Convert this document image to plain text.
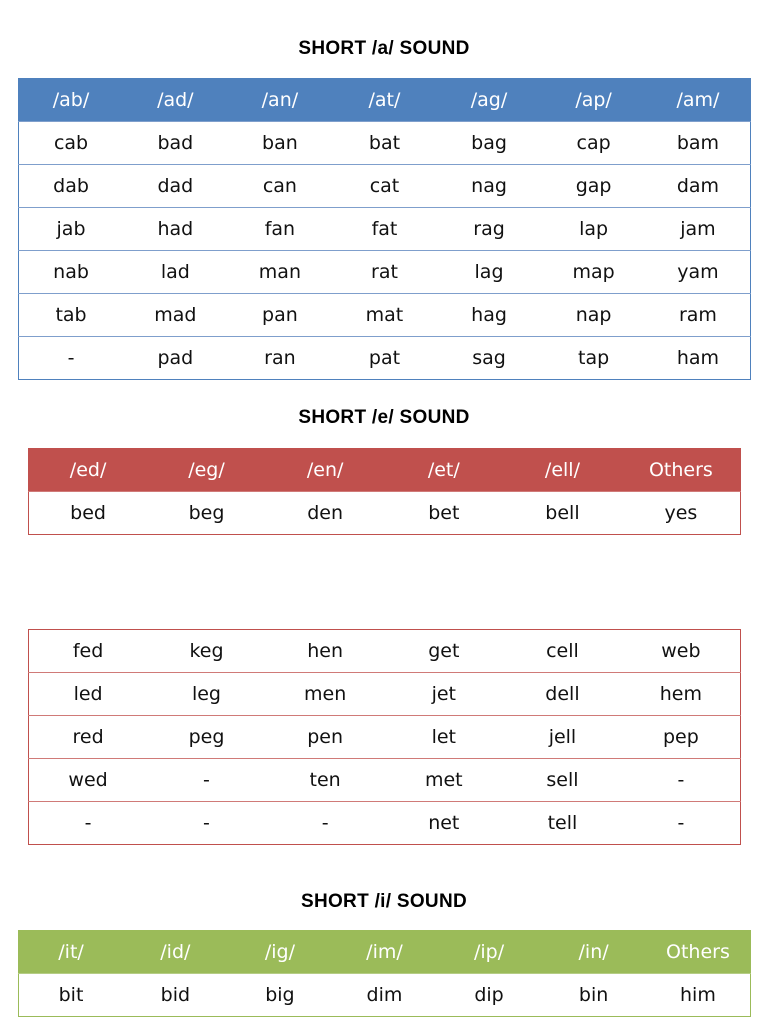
SHORT /a/ SOUND
/ab/	/ad/	/an/	/at/	/ag/	/ap/	/am/
cab	bad	ban	bat	bag	cap	bam
dab	dad	can	cat	nag	gap	dam
jab	had	fan	fat	rag	lap	jam
nab	lad	man	rat	lag	map	yam
tab	mad	pan	mat	hag	nap	ram
-	pad	ran	pat	sag	tap	ham
SHORT /e/ SOUND
/ed/	/eg/	/en/	/et/	/ell/	Others
bed	beg	den	bet	bell	yes
fed	keg	hen	get	cell	web
led	leg	men	jet	dell	hem
red	peg	pen	let	jell	pep
wed	-	ten	met	sell	-
-	-	-	net	tell	-
SHORT /i/ SOUND
/it/	/id/	/ig/	/im/	/ip/	/in/	Others
bit	bid	big	dim	dip	bin	him
